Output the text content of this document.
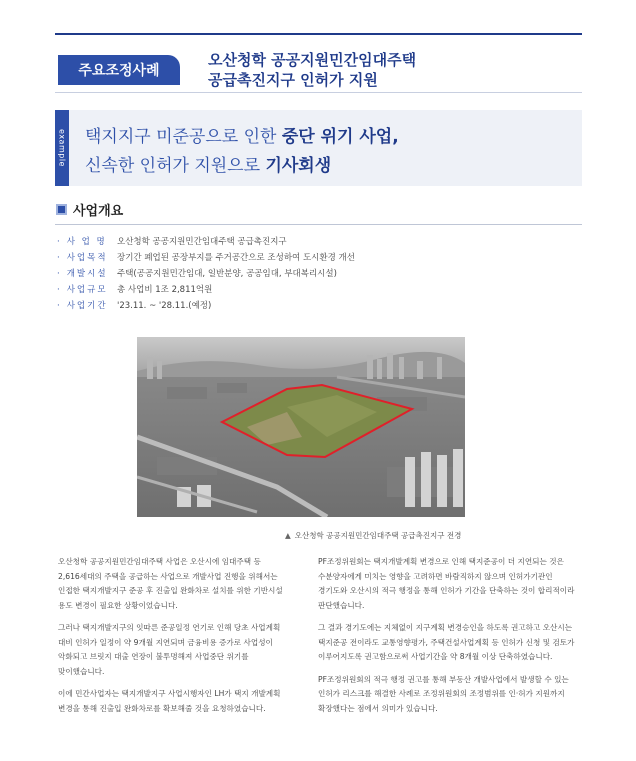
주요조정사례
오산청학 공공지원민간임대주택
공급촉진지구 인허가 지원
example 택지지구 미준공으로 인한 중단 위기 사업,
신속한 인허가 지원으로 기사회생
사업개요
· 사 업 명	오산청학 공공지원민간임대주택 공급촉진지구
· 사업목적	장기간 폐업된 공장부지를 주거공간으로 조성하여 도시환경 개선
· 개발시설	주택(공공지원민간임대, 일반분양, 공공임대, 부대복리시설)
· 사업규모	총 사업비 1조 2,811억원
· 사업기간	'23.11. ~ '28.11.(예정)
▲ 오산청학 공공지원민간임대주택 공급촉진지구 전경

오산청학 공공지원민간임대주택 사업은 오산시에 임대주택 등 2,616세대의 주택을 공급하는 사업으로 개발사업 진행을 위해서는 인접한 택지개발지구 준공 후 진출입 완화차로 설치를 위한 기반시설 용도 변경이 필요한 상황이었습니다.

그러나 택지개발지구의 잇따른 준공일정 연기로 인해 당초 사업계획 대비 인허가 일정이 약 9개월 지연되며 금융비용 증가로 사업성이 악화되고 브릿지 대출 연장이 불투명해져 사업중단 위기를 맞이했습니다.

이에 민간사업자는 택지개발지구 사업시행자인 LH가 택지 개발계획 변경을 통해 진출입 완화차로를 확보해줄 것을 요청하였습니다.

PF조정위원회는 택지개발계획 변경으로 인해 택지준공이 더 지연되는 것은 수분양자에게 미치는 영향을 고려하면 바람직하지 않으며 인허가기관인 경기도와 오산시의 적극 행정을 통해 인허가 기간을 단축하는 것이 합리적이라 판단했습니다.

그 결과 경기도에는 지체없이 지구계획 변경승인을 하도록 권고하고 오산시는 택지준공 전이라도 교통영향평가, 주택건설사업계획 등 인허가 신청 및 검토가 이루어지도록 권고함으로써 사업기간을 약 8개월 이상 단축하였습니다.

PF조정위원회의 적극 행정 권고를 통해 부동산 개발사업에서 발생할 수 있는 인허가 리스크를 해결한 사례로 조정위원회의 조정범위를 인·허가 지원까지 확장했다는 점에서 의미가 있습니다.
